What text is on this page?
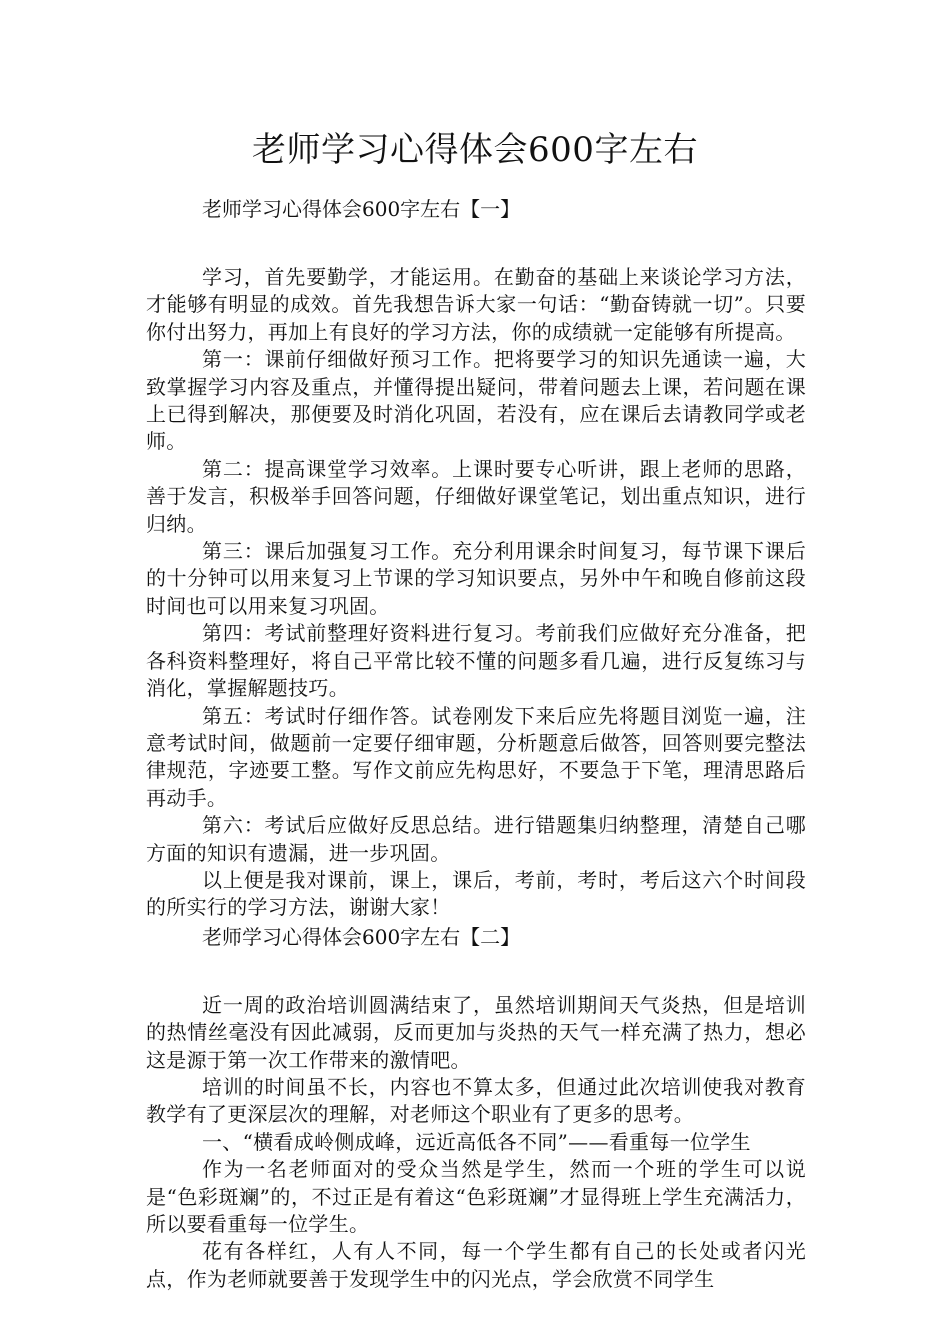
老师学习心得体会600字左右

老师学习心得体会600字左右【一】

学习，首先要勤学，才能运用。在勤奋的基础上来谈论学习方法，才能够有明显的成效。首先我想告诉大家一句话：“勤奋铸就一切”。只要你付出努力，再加上有良好的学习方法，你的成绩就一定能够有所提高。

第一：课前仔细做好预习工作。把将要学习的知识先通读一遍，大致掌握学习内容及重点，并懂得提出疑问，带着问题去上课，若问题在课上已得到解决，那便要及时消化巩固，若没有，应在课后去请教同学或老师。

第二：提高课堂学习效率。上课时要专心听讲，跟上老师的思路，善于发言，积极举手回答问题，仔细做好课堂笔记，划出重点知识，进行归纳。

第三：课后加强复习工作。充分利用课余时间复习，每节课下课后的十分钟可以用来复习上节课的学习知识要点，另外中午和晚自修前这段时间也可以用来复习巩固。

第四：考试前整理好资料进行复习。考前我们应做好充分准备，把各科资料整理好，将自己平常比较不懂的问题多看几遍，进行反复练习与消化，掌握解题技巧。

第五：考试时仔细作答。试卷刚发下来后应先将题目浏览一遍，注意考试时间，做题前一定要仔细审题，分析题意后做答，回答则要完整法律规范，字迹要工整。写作文前应先构思好，不要急于下笔，理清思路后再动手。

第六：考试后应做好反思总结。进行错题集归纳整理，清楚自己哪方面的知识有遗漏，进一步巩固。

以上便是我对课前，课上，课后，考前，考时，考后这六个时间段的所实行的学习方法，谢谢大家！

老师学习心得体会600字左右【二】

近一周的政治培训圆满结束了，虽然培训期间天气炎热，但是培训的热情丝毫没有因此减弱，反而更加与炎热的天气一样充满了热力，想必这是源于第一次工作带来的激情吧。

培训的时间虽不长，内容也不算太多，但通过此次培训使我对教育教学有了更深层次的理解，对老师这个职业有了更多的思考。

一、“横看成岭侧成峰，远近高低各不同”——看重每一位学生

作为一名老师面对的受众当然是学生，然而一个班的学生可以说是“色彩斑斓”的，不过正是有着这“色彩斑斓”才显得班上学生充满活力，所以要看重每一位学生。

花有各样红，人有人不同，每一个学生都有自己的长处或者闪光点，作为老师就要善于发现学生中的闪光点，学会欣赏不同学生
